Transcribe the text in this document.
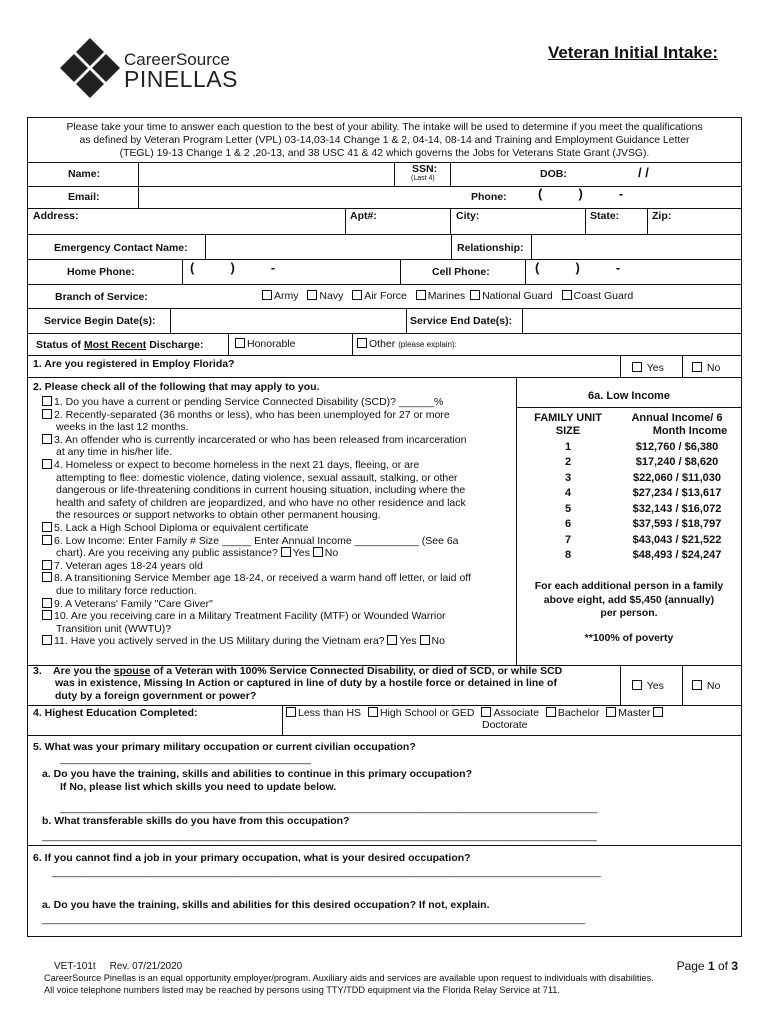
CareerSource
PINELLAS
Veteran Initial Intake:
Please take your time to answer each question to the best of your ability. The intake will be used to determine if you meet the qualifications
as defined by Veteran Program Letter (VPL) 03-14,03-14 Change 1 & 2, 04-14, 08-14 and Training and Employment Guidance Letter
(TEGL) 19-13 Change 1 & 2 ,20-13, and 38 USC 41 & 42 which governs the Jobs for Veterans State Grant (JVSG).
Name:	SSN:
(Last 4)	DOB:	/ /
Email:	Phone: (          )          -
Address:	Apt#:	City:	State:	Zip:
Emergency Contact Name:	Relationship:
Home Phone:	(          )          -	Cell Phone:	(          )          -
Branch of Service:	Army Navy Air Force Marines National Guard Coast Guard
Service Begin Date(s):	Service End Date(s):
Status of Most Recent Discharge:	Honorable	Other (please explain):
1. Are you registered in Employ Florida?	Yes	No
2. Please check all of the following that may apply to you.
1. Do you have a current or pending Service Connected Disability (SCD)? ______%
2. Recently-separated (36 months or less), who has been unemployed for 27 or more
weeks in the last 12 months.
3. An offender who is currently incarcerated or who has been released from incarceration
at any time in his/her life.
4. Homeless or expect to become homeless in the next 21 days, fleeing, or are
attempting to flee: domestic violence, dating violence, sexual assault, stalking, or other
dangerous or life-threatening conditions in current housing situation, including where the
health and safety of children are jeopardized, and who have no other residence and lack
the resources or support networks to obtain other permanent housing.
5. Lack a High School Diploma or equivalent certificate
6. Low Income: Enter Family # Size _____ Enter Annual Income ___________ (See 6a
chart). Are you receiving any public assistance? Yes No
7. Veteran ages 18-24 years old
8. A transitioning Service Member age 18-24, or received a warm hand off letter, or laid off
due to military force reduction.
9. A Veterans' Family "Care Giver"
10. Are you receiving care in a Military Treatment Facility (MTF) or Wounded Warrior
Transition unit (WWTU)?
11. Have you actively served in the US Military during the Vietnam era? Yes No
6a. Low Income
FAMILY UNIT
SIZE
Annual Income/ 6
Month Income
1	$12,760 / $6,380
2	$17,240 / $8,620
3	$22,060 / $11,030
4	$27,234 / $13,617
5	$32,143 / $16,072
6	$37,593 / $18,797
7	$43,043 / $21,522
8	$48,493 / $24,247
For each additional person in a family
above eight, add $5,450 (annually)
per person.
**100% of poverty
3. Are you the spouse of a Veteran with 100% Service Connected Disability, or died of SCD, or while SCD
was in existence, Missing In Action or captured in line of duty by a hostile force or detained in line of
duty by a foreign government or power?
Yes	No
4. Highest Education Completed:	Less than HS High School or GED Associate Bachelor Master
Doctorate
5. What was your primary military occupation or current civilian occupation?
___________________________________________
a. Do you have the training, skills and abilities to continue in this primary occupation?
If No, please list which skills you need to update below.
____________________________________________________________________________________________
b. What transferable skills do you have from this occupation?
_______________________________________________________________________________________________
6. If you cannot find a job in your primary occupation, what is your desired occupation?
______________________________________________________________________________________________
a. Do you have the training, skills and abilities for this desired occupation? If not, explain.
_____________________________________________________________________________________________
VET-101t     Rev. 07/21/2020	Page 1 of 3
CareerSource Pinellas is an equal opportunity employer/program. Auxiliary aids and services are available upon request to individuals with disabilities.
All voice telephone numbers listed may be reached by persons using TTY/TDD equipment via the Florida Relay Service at 711.
